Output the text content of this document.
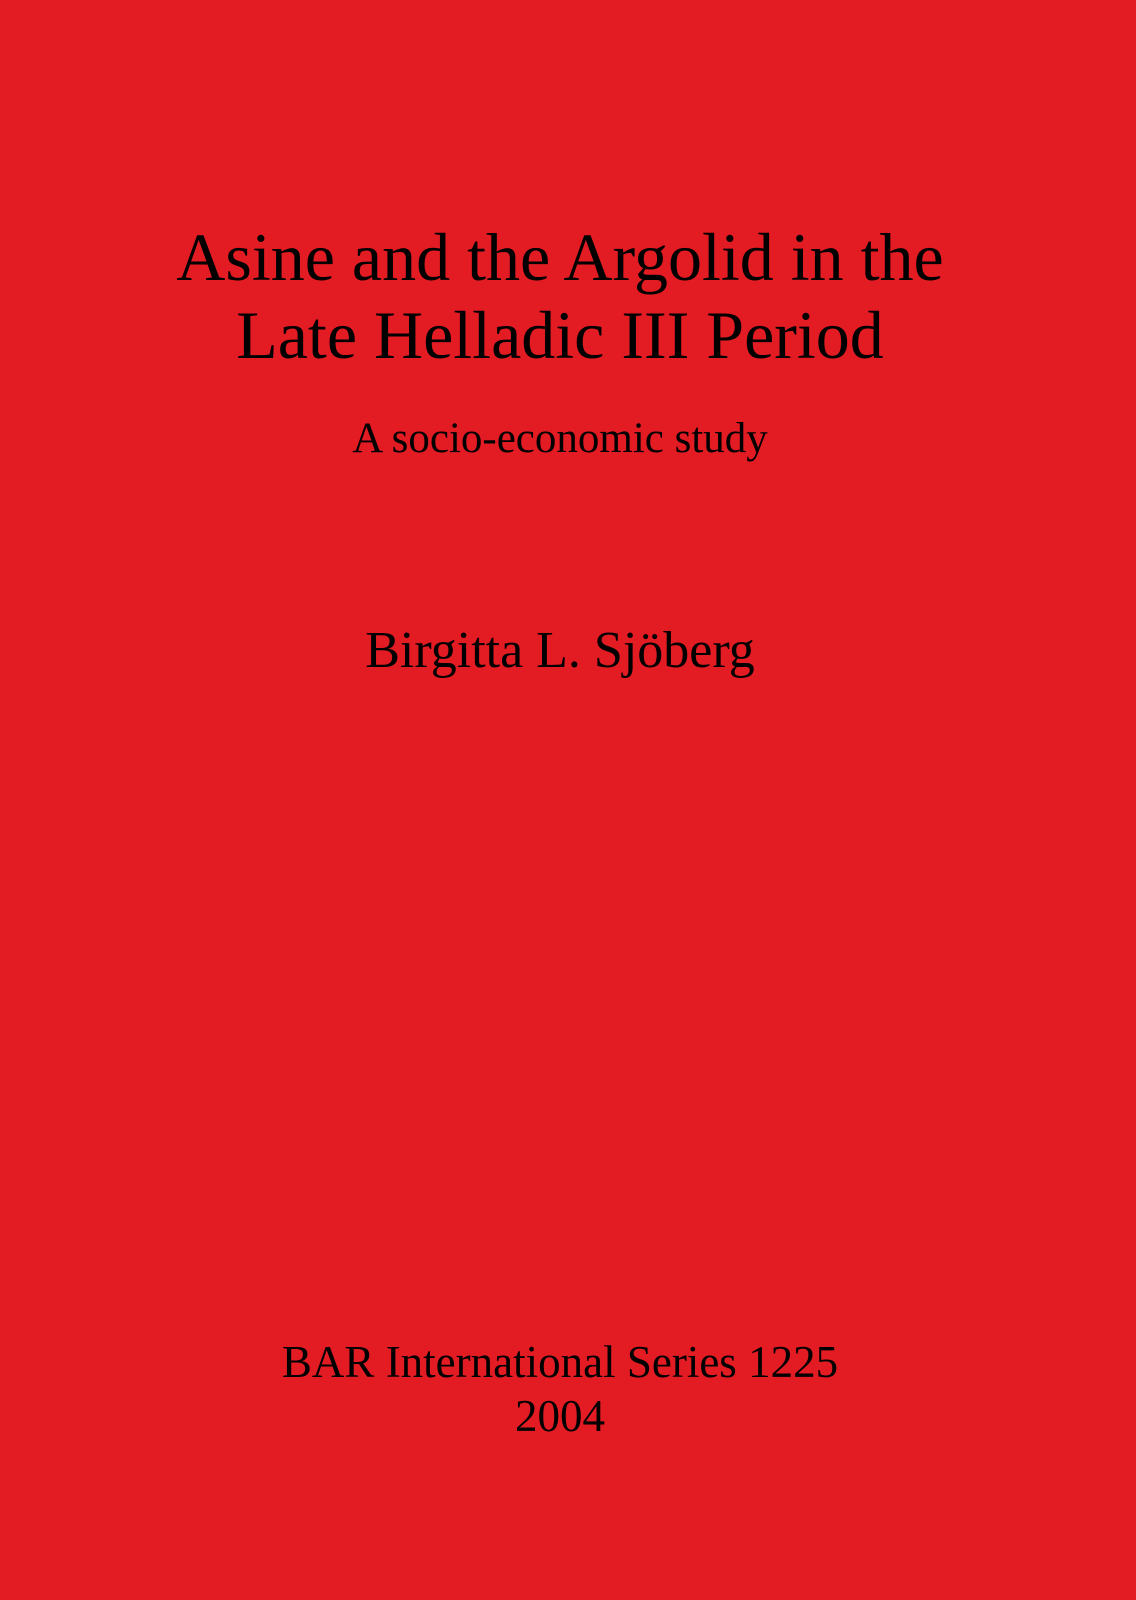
Asine and the Argolid in the
Late Helladic III Period
A socio-economic study
Birgitta L. Sjöberg
BAR International Series 1225
2004
